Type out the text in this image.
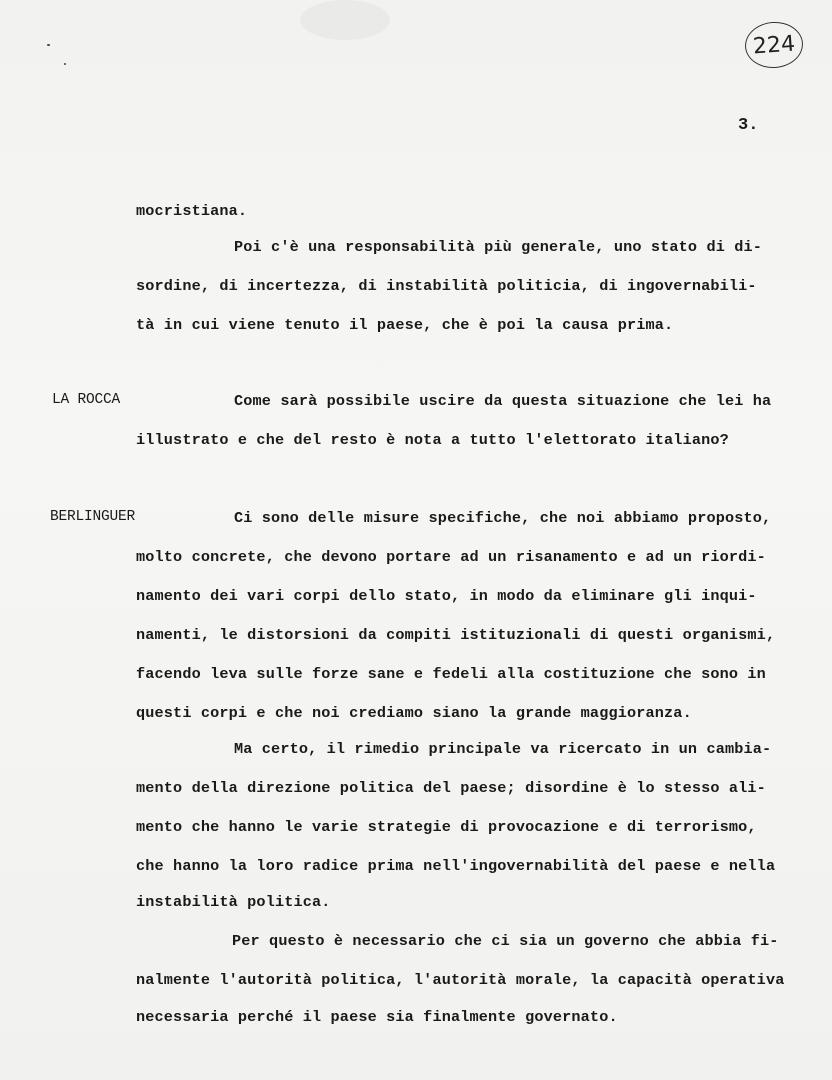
224
3.
mocristiana.
Poi c'è una responsabilità più generale, uno stato di di-
sordine, di incertezza, di instabilità politicia, di ingovernabili-
tà in cui viene tenuto il paese, che è poi la causa prima.
LA ROCCA	Come sarà possibile uscire da questa situazione che lei ha
illustrato e che del resto è nota a tutto l'elettorato italiano?
BERLINGUER	Ci sono delle misure specifiche, che noi abbiamo proposto,
molto concrete, che devono portare ad un risanamento e ad un riordi-
namento dei vari corpi dello stato, in modo da eliminare gli inqui-
namenti, le distorsioni da compiti istituzionali di questi organismi,
facendo leva sulle forze sane e fedeli alla costituzione che sono in
questi corpi e che noi crediamo siano la grande maggioranza.
Ma certo, il rimedio principale va ricercato in un cambia-
mento della direzione politica del paese; disordine è lo stesso ali-
mento che hanno le varie strategie di provocazione e di terrorismo,
che hanno la loro radice prima nell'ingovernabilità del paese e nella
instabilità politica.
Per questo è necessario che ci sia un governo che abbia fi-
nalmente l'autorità politica, l'autorità morale, la capacità operativa
necessaria perché il paese sia finalmente governato.
